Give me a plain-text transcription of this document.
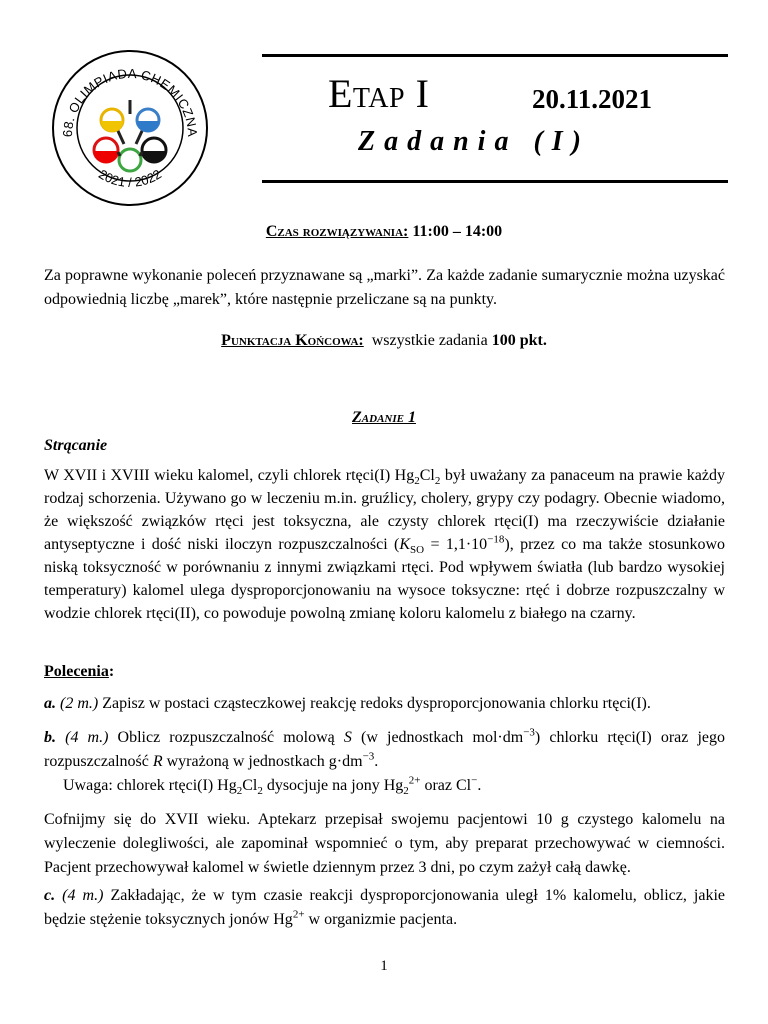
68. OLIMPIADA CHEMICZNA
2021 / 2022
Etap I	20.11.2021
Zadania (I)
Czas rozwiązywania: 11:00 – 14:00
Za poprawne wykonanie poleceń przyznawane są „marki”. Za każde zadanie sumarycznie można uzyskać odpowiednią liczbę „marek”, które następnie przeliczane są na punkty.
Punktacja Końcowa: wszystkie zadania 100 pkt.
Zadanie 1
Strącanie
W XVII i XVIII wieku kalomel, czyli chlorek rtęci(I) $Hg_2Cl_2$ był uważany za panaceum na prawie każdy rodzaj schorzenia. Używano go w leczeniu m.in. gruźlicy, cholery, grypy czy podagry. Obecnie wiadomo, że większość związków rtęci jest toksyczna, ale czysty chlorek rtęci(I) ma rzeczywiście działanie antyseptyczne i dość niski iloczyn rozpuszczalności $(K_{SO} = 1,1\cdot 10^{-18})$, przez co ma także stosunkowo niską toksyczność w porównaniu z innymi związkami rtęci. Pod wpływem światła (lub bardzo wysokiej temperatury) kalomel ulega dysproporcjonowaniu na wysoce toksyczne: rtęć i dobrze rozpuszczalny w wodzie chlorek rtęci(II), co powoduje powolną zmianę koloru kalomelu z białego na czarny.
Polecenia:
a. (2 m.) Zapisz w postaci cząsteczkowej reakcję redoks dysproporcjonowania chlorku rtęci(I).
b. (4 m.) Oblicz rozpuszczalność molową S (w jednostkach $mol\cdot dm^{-3}$) chlorku rtęci(I) oraz jego rozpuszczalność R wyrażoną w jednostkach $g\cdot dm^{-3}$.
Uwaga: chlorek rtęci(I) $Hg_2Cl_2$ dysocjuje na jony $Hg_2^{2+}$ oraz Cl−.
Cofnijmy się do XVII wieku. Aptekarz przepisał swojemu pacjentowi 10 g czystego kalomelu na wyleczenie dolegliwości, ale zapominał wspomnieć o tym, aby preparat przechowywać w ciemności. Pacjent przechowywał kalomel w świetle dziennym przez 3 dni, po czym zażył całą dawkę.
c. (4 m.) Zakładając, że w tym czasie reakcji dysproporcjonowania uległ 1% kalomelu, oblicz, jakie będzie stężenie toksycznych jonów $Hg^{2+}$ w organizmie pacjenta.
1
